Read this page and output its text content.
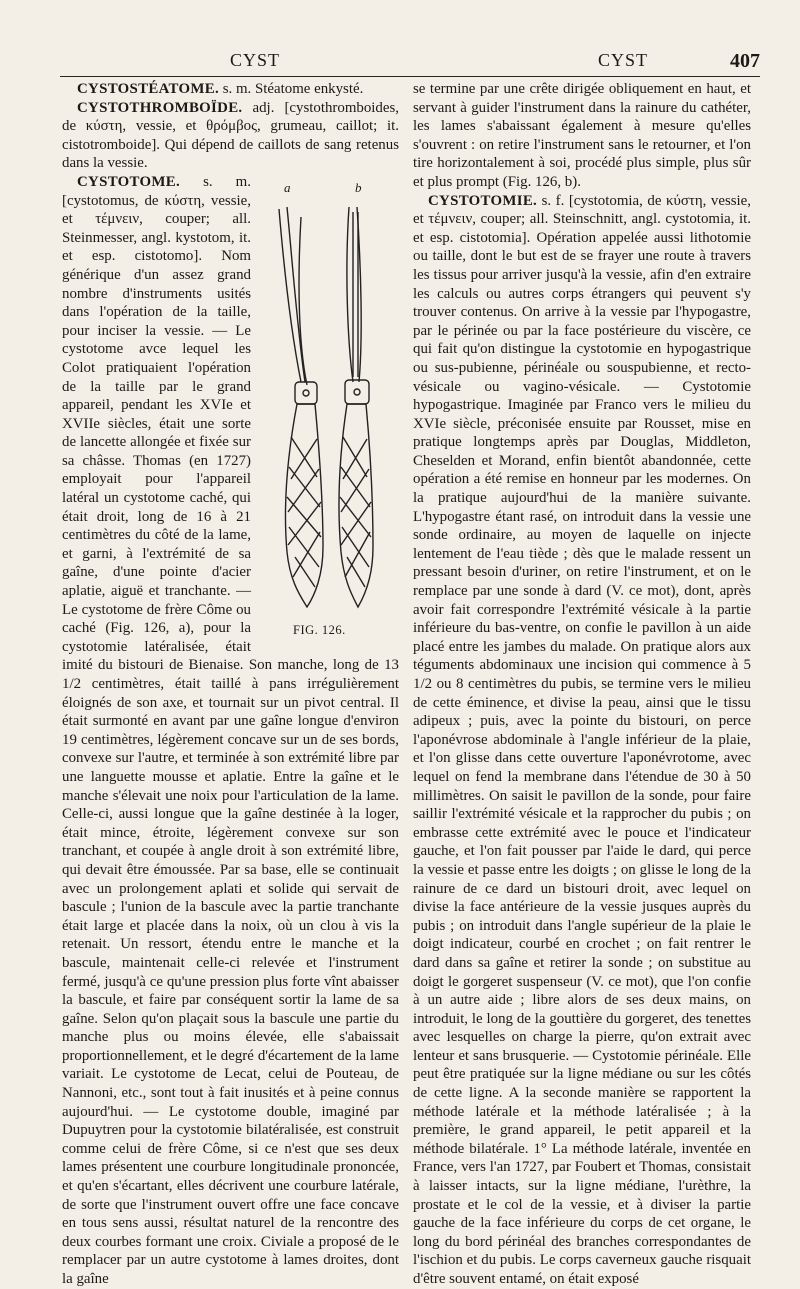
CYST	CYST	407

CYSTOSTÉATOME. s. m. Stéatome enkysté.

CYSTOTHROMBOÏDE. adj. [cystothromboides, de κύστη, vessie, et θρόμβος, grumeau, caillot; it. cistotromboide]. Qui dépend de caillots de sang retenus dans la vessie.

a	b
FIG. 126.

CYSTOTOME. s. m. [cystotomus, de κύστη, vessie, et τέμνειν, couper; all. Steinmesser, angl. kystotom, it. et esp. cistotomo]. Nom générique d'un assez grand nombre d'instruments usités dans l'opération de la taille, pour inciser la vessie. — Le cystotome avce lequel les Colot pratiquaient l'opération de la taille par le grand appareil, pendant les XVIe et XVIIe siècles, était une sorte de lancette allongée et fixée sur sa châsse. Thomas (en 1727) employait pour l'appareil latéral un cystotome caché, qui était droit, long de 16 à 21 centimètres du côté de la lame, et garni, à l'extrémité de sa gaîne, d'une pointe d'acier aplatie, aiguë et tranchante. — Le cystotome de frère Côme ou caché (Fig. 126, a), pour la cystotomie latéralisée, était imité du bistouri de Bienaise. Son manche, long de 13 1/2 centimètres, était taillé à pans irrégulièrement éloignés de son axe, et tournait sur un pivot central. Il était surmonté en avant par une gaîne longue d'environ 19 centimètres, légèrement concave sur un de ses bords, convexe sur l'autre, et terminée à son extrémité libre par une languette mousse et aplatie. Entre la gaîne et le manche s'élevait une noix pour l'articulation de la lame. Celle-ci, aussi longue que la gaîne destinée à la loger, était mince, étroite, légèrement convexe sur son tranchant, et coupée à angle droit à son extrémité libre, qui devait être émoussée. Par sa base, elle se continuait avec un prolongement aplati et solide qui servait de bascule ; l'union de la bascule avec la partie tranchante était large et placée dans la noix, où un clou à vis la retenait. Un ressort, étendu entre le manche et la bascule, maintenait celle-ci relevée et l'instrument fermé, jusqu'à ce qu'une pression plus forte vînt abaisser la bascule, et faire par conséquent sortir la lame de sa gaîne. Selon qu'on plaçait sous la bascule une partie du manche plus ou moins élevée, elle s'abaissait proportionnellement, et le degré d'écartement de la lame variait. Le cystotome de Lecat, celui de Pouteau, de Nannoni, etc., sont tout à fait inusités et à peine connus aujourd'hui. — Le cystotome double, imaginé par Dupuytren pour la cystotomie bilatéralisée, est construit comme celui de frère Côme, si ce n'est que ses deux lames présentent une courbure longitudinale prononcée, et qu'en s'écartant, elles décrivent une courbure latérale, de sorte que l'instrument ouvert offre une face concave en tous sens aussi, résultat naturel de la rencontre des deux courbes formant une croix. Civiale a proposé de le remplacer par un autre cystotome à lames droites, dont la gaîne

se termine par une crête dirigée obliquement en haut, et servant à guider l'instrument dans la rainure du cathéter, les lames s'abaissant également à mesure qu'elles s'ouvrent : on retire l'instrument sans le retourner, et l'on tire horizontalement à soi, procédé plus simple, plus sûr et plus prompt (Fig. 126, b).

CYSTOTOMIE. s. f. [cystotomia, de κύστη, vessie, et τέμνειν, couper; all. Steinschnitt, angl. cystotomia, it. et esp. cistotomia]. Opération appelée aussi lithotomie ou taille, dont le but est de se frayer une route à travers les tissus pour arriver jusqu'à la vessie, afin d'en extraire les calculs ou autres corps étrangers qui peuvent s'y trouver contenus. On arrive à la vessie par l'hypogastre, par le périnée ou par la face postérieure du viscère, ce qui fait qu'on distingue la cystotomie en hypogastrique ou sus-pubienne, périnéale ou souspubienne, et recto-vésicale ou vagino-vésicale. — Cystotomie hypogastrique. Imaginée par Franco vers le milieu du XVIe siècle, préconisée ensuite par Rousset, mise en pratique longtemps après par Douglas, Middleton, Cheselden et Morand, enfin bientôt abandonnée, cette opération a été remise en honneur par les modernes. On la pratique aujourd'hui de la manière suivante. L'hypogastre étant rasé, on introduit dans la vessie une sonde ordinaire, au moyen de laquelle on injecte lentement de l'eau tiède ; dès que le malade ressent un pressant besoin d'uriner, on retire l'instrument, et on le remplace par une sonde à dard (V. ce mot), dont, après avoir fait correspondre l'extrémité vésicale à la partie inférieure du bas-ventre, on confie le pavillon à un aide placé entre les jambes du malade. On pratique alors aux téguments abdominaux une incision qui commence à 5 1/2 ou 8 centimètres du pubis, se termine vers le milieu de cette éminence, et divise la peau, ainsi que le tissu adipeux ; puis, avec la pointe du bistouri, on perce l'aponévrose abdominale à l'angle inférieur de la plaie, et l'on glisse dans cette ouverture l'aponévrotome, avec lequel on fend la membrane dans l'étendue de 30 à 50 millimètres. On saisit le pavillon de la sonde, pour faire saillir l'extrémité vésicale et la rapprocher du pubis ; on embrasse cette extrémité avec le pouce et l'indicateur gauche, et l'on fait pousser par l'aide le dard, qui perce la vessie et passe entre les doigts ; on glisse le long de la rainure de ce dard un bistouri droit, avec lequel on divise la face antérieure de la vessie jusques auprès du pubis ; on introduit dans l'angle supérieur de la plaie le doigt indicateur, courbé en crochet ; on fait rentrer le dard dans sa gaîne et retirer la sonde ; on substitue au doigt le gorgeret suspenseur (V. ce mot), que l'on confie à un autre aide ; libre alors de ses deux mains, on introduit, le long de la gouttière du gorgeret, des tenettes avec lesquelles on charge la pierre, qu'on extrait avec lenteur et sans brusquerie. — Cystotomie périnéale. Elle peut être pratiquée sur la ligne médiane ou sur les côtés de cette ligne. A la seconde manière se rapportent la méthode latérale et la méthode latéralisée ; à la première, le grand appareil, le petit appareil et la méthode bilatérale. 1° La méthode latérale, inventée en France, vers l'an 1727, par Foubert et Thomas, consistait à laisser intacts, sur la ligne médiane, l'urèthre, la prostate et le col de la vessie, et à diviser la partie gauche de la face inférieure du corps de cet organe, le long du bord périnéal des branches correspondantes de l'ischion et du pubis. Le corps caverneux gauche risquait d'être souvent entamé, on était exposé
